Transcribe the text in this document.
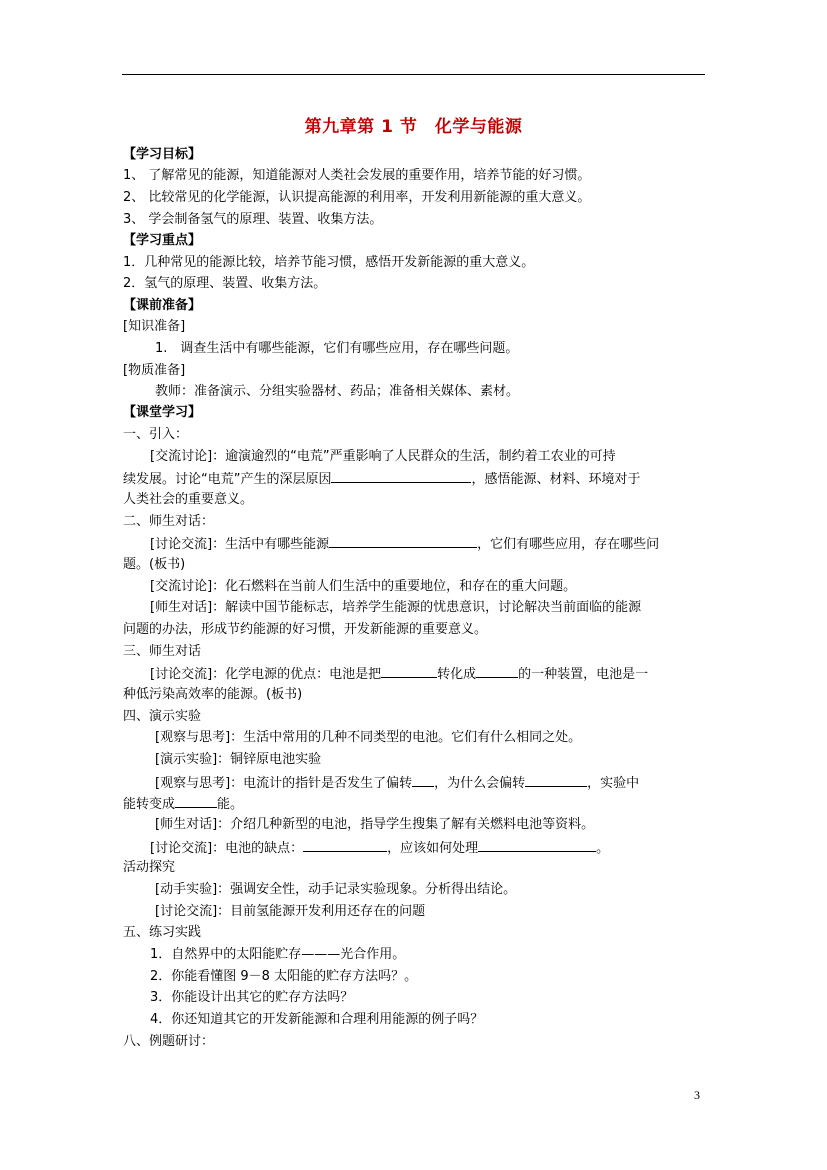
第九章第 1 节　化学与能源
【学习目标】
1、 了解常见的能源，知道能源对人类社会发展的重要作用，培养节能的好习惯。
2、 比较常见的化学能源，认识提高能源的利用率，开发利用新能源的重大意义。
3、 学会制备氢气的原理、装置、收集方法。
【学习重点】
1．几种常见的能源比较，培养节能习惯，感悟开发新能源的重大意义。
2．氢气的原理、装置、收集方法。
【课前准备】
[知识准备]
1.　调查生活中有哪些能源，它们有哪些应用，存在哪些问题。
[物质准备]
教师：准备演示、分组实验器材、药品；准备相关媒体、素材。
【课堂学习】
一、引入：
[交流讨论]：逾演逾烈的“电荒”严重影响了人民群众的生活，制约着工农业的可持
续发展。讨论“电荒”产生的深层原因	，感悟能源、材料、环境对于
人类社会的重要意义。
二、师生对话：
[讨论交流]：生活中有哪些能源	，它们有哪些应用，存在哪些问
题。(板书)
[交流讨论]：化石燃料在当前人们生活中的重要地位，和存在的重大问题。
[师生对话]：解读中国节能标志，培养学生能源的忧患意识，讨论解决当前面临的能源
问题的办法，形成节约能源的好习惯，开发新能源的重要意义。
三、师生对话
[讨论交流]：化学电源的优点：电池是把	转化成	的一种装置，电池是一
种低污染高效率的能源。(板书)
四、演示实验
[观察与思考]：生活中常用的几种不同类型的电池。它们有什么相同之处。
[演示实验]：铜锌原电池实验
[观察与思考]：电流计的指针是否发生了偏转 ，为什么会偏转	，实验中
能转变成	能。
[师生对话]：介绍几种新型的电池，指导学生搜集了解有关燃料电池等资料。
[讨论交流]：电池的缺点：	，应该如何处理	。
活动探究
[动手实验]：强调安全性，动手记录实验现象。分析得出结论。
[讨论交流]：目前氢能源开发利用还存在的问题
五、练习实践
1．自然界中的太阳能贮存———光合作用。
2．你能看懂图 9－8 太阳能的贮存方法吗？。
3．你能设计出其它的贮存方法吗？
4．你还知道其它的开发新能源和合理利用能源的例子吗？
八、例题研讨：
3
